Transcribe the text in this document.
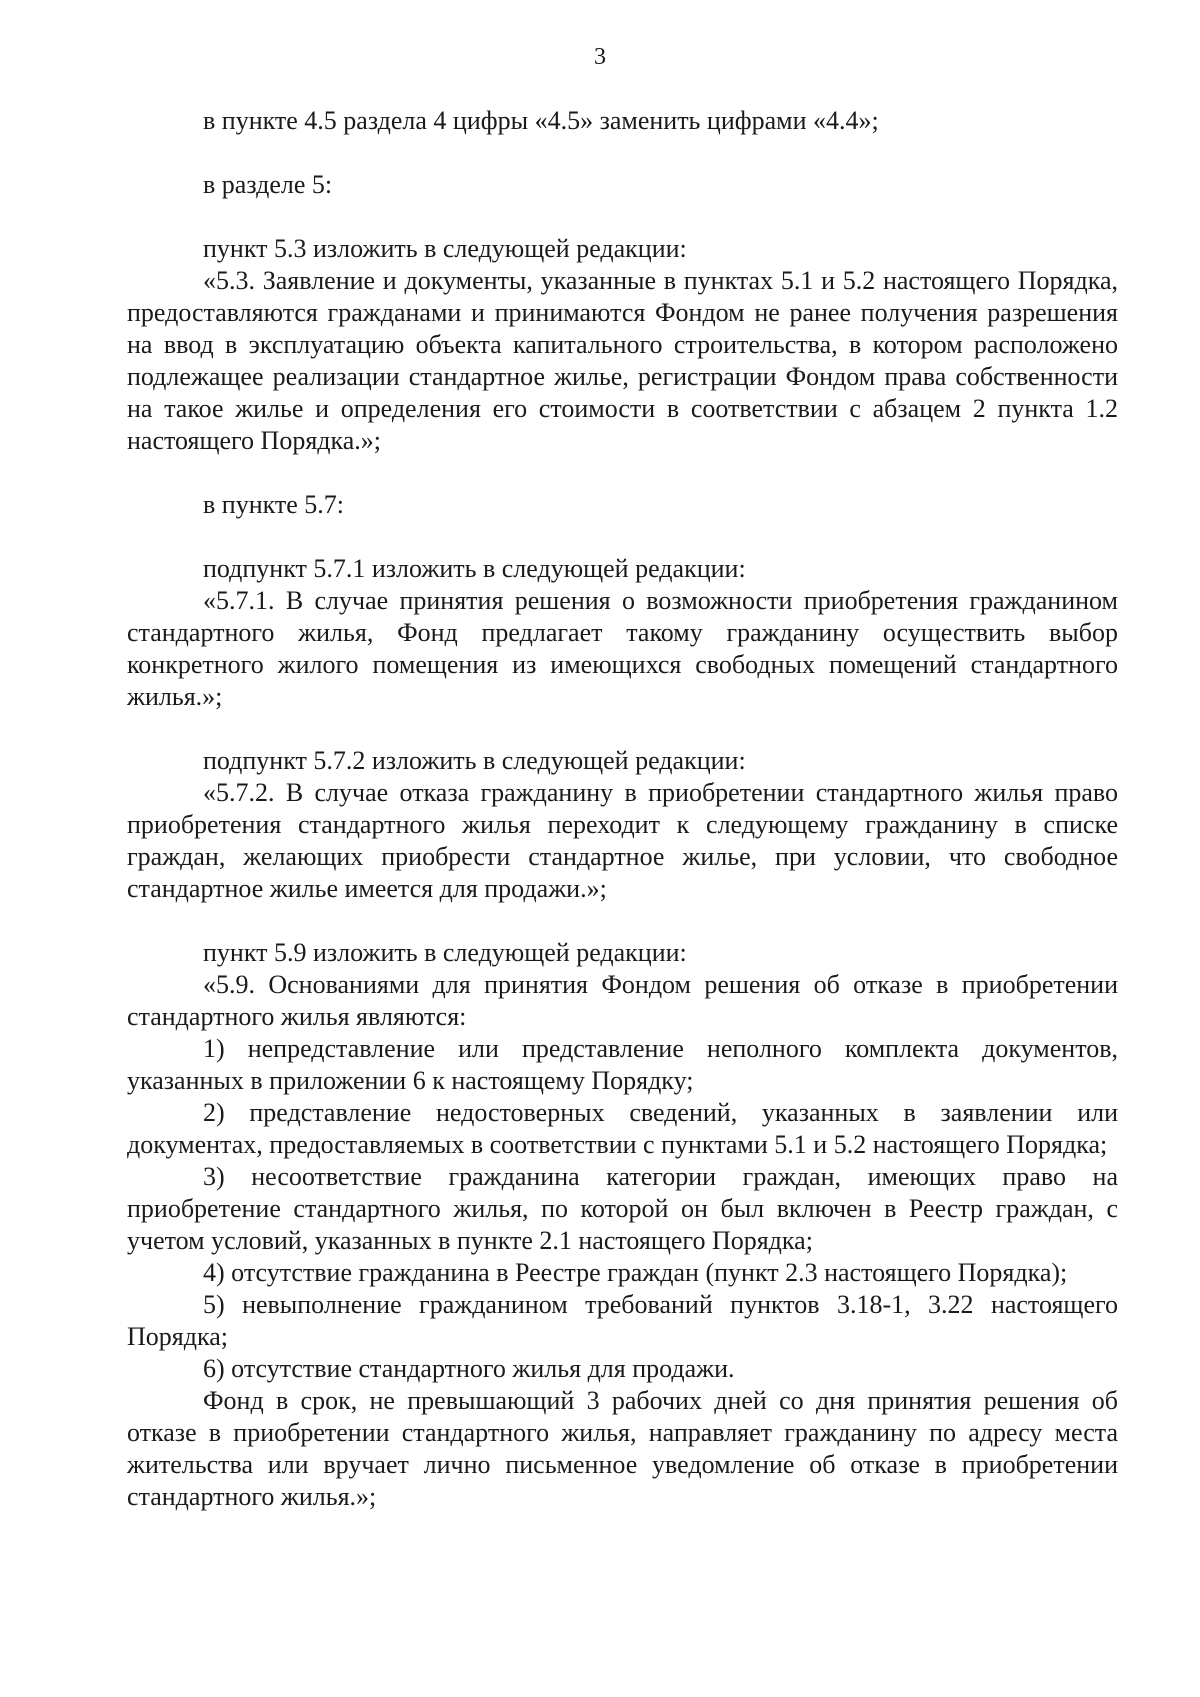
3

в пункте 4.5 раздела 4 цифры «4.5» заменить цифрами «4.4»;

в разделе 5:

пункт 5.3 изложить в следующей редакции:

«5.3. Заявление и документы, указанные в пунктах 5.1 и 5.2 настоящего Порядка, предоставляются гражданами и принимаются Фондом не ранее получения разрешения на ввод в эксплуатацию объекта капитального строительства, в котором расположено подлежащее реализации стандартное жилье, регистрации Фондом права собственности на такое жилье и определения его стоимости в соответствии с абзацем 2 пункта 1.2 настоящего Порядка.»;

в пункте 5.7:

подпункт 5.7.1 изложить в следующей редакции:

«5.7.1. В случае принятия решения о возможности приобретения гражданином стандартного жилья, Фонд предлагает такому гражданину осуществить выбор конкретного жилого помещения из имеющихся свободных помещений стандартного жилья.»;

подпункт 5.7.2 изложить в следующей редакции:

«5.7.2. В случае отказа гражданину в приобретении стандартного жилья право приобретения стандартного жилья переходит к следующему гражданину в списке граждан, желающих приобрести стандартное жилье, при условии, что свободное стандартное жилье имеется для продажи.»;

пункт 5.9 изложить в следующей редакции:

«5.9. Основаниями для принятия Фондом решения об отказе в приобретении стандартного жилья являются:

1) непредставление или представление неполного комплекта документов, указанных в приложении 6 к настоящему Порядку;

2) представление недостоверных сведений, указанных в заявлении или документах, предоставляемых в соответствии с пунктами 5.1 и 5.2 настоящего Порядка;

3) несоответствие гражданина категории граждан, имеющих право на приобретение стандартного жилья, по которой он был включен в Реестр граждан, с учетом условий, указанных в пункте 2.1 настоящего Порядка;

4) отсутствие гражданина в Реестре граждан (пункт 2.3 настоящего Порядка);

5) невыполнение гражданином требований пунктов 3.18-1, 3.22 настоящего Порядка;

6) отсутствие стандартного жилья для продажи.

Фонд в срок, не превышающий 3 рабочих дней со дня принятия решения об отказе в приобретении стандартного жилья, направляет гражданину по адресу места жительства или вручает лично письменное уведомление об отказе в приобретении стандартного жилья.»;
